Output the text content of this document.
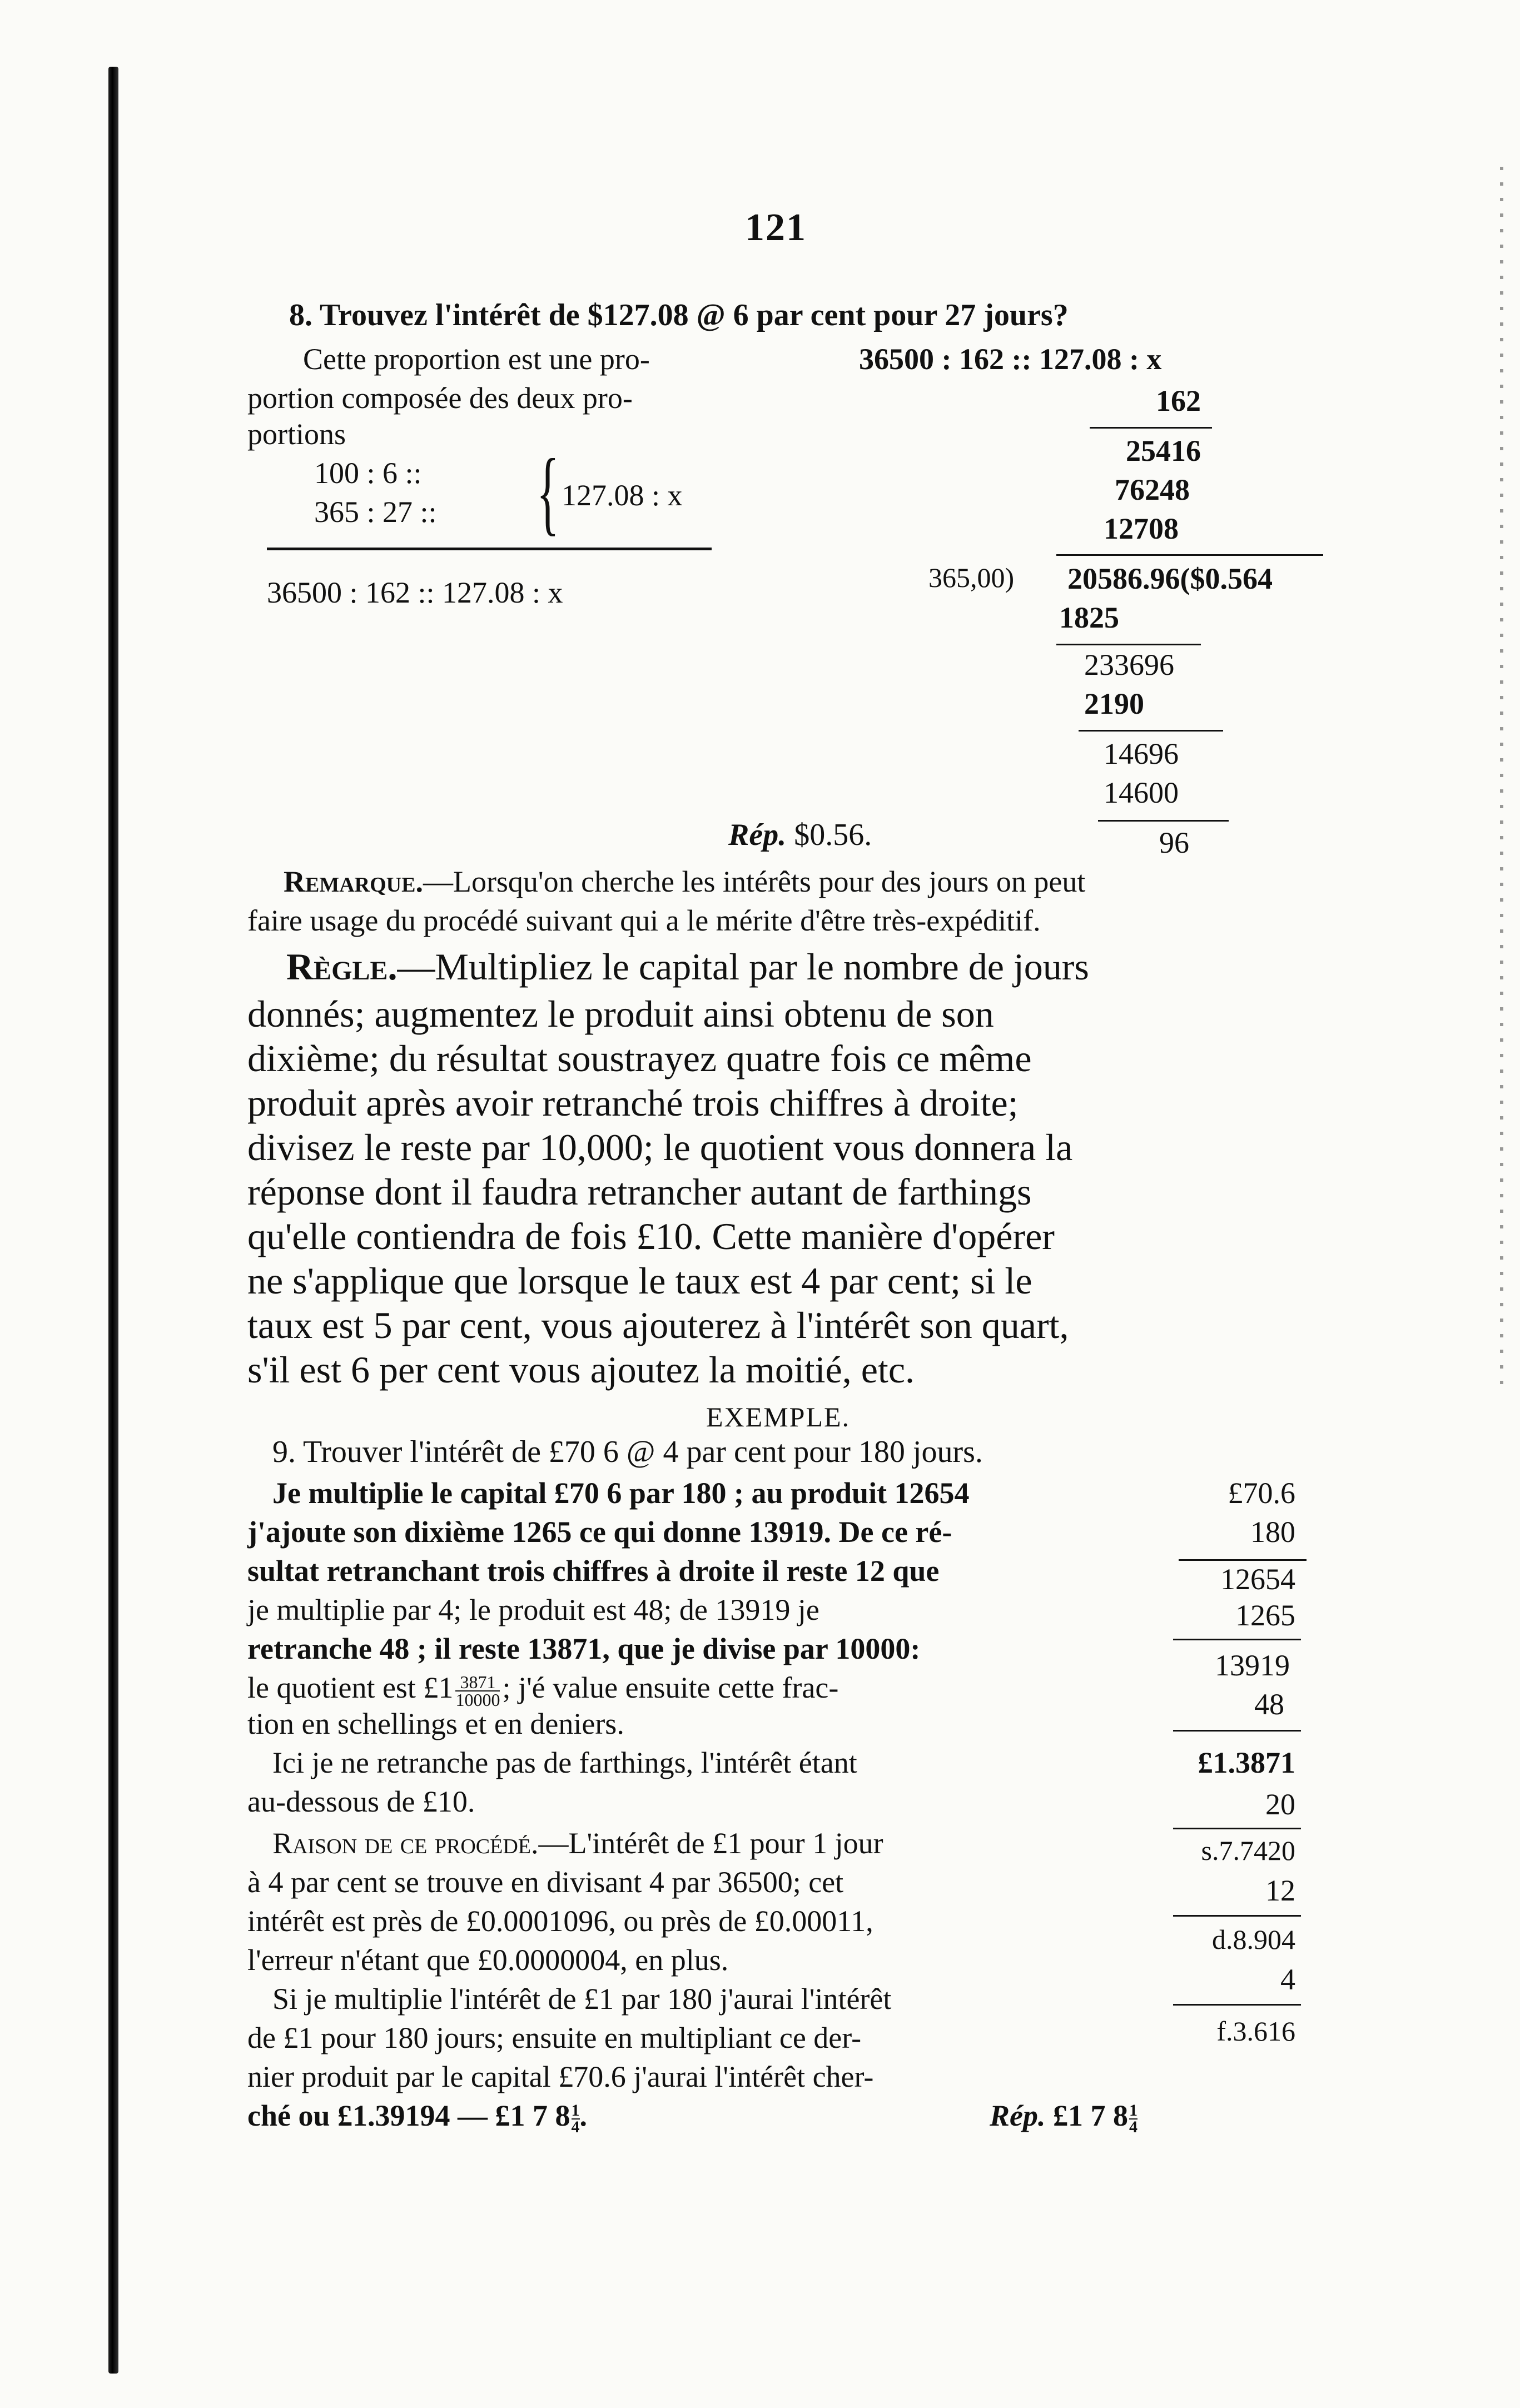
121
8. Trouvez l'intérêt de $127.08 @ 6 par cent pour 27 jours?
Cette proportion est une pro-
portion composée des deux pro-
portions
100 : 6 ::
365 : 27 :: { 127.08 : x
36500 : 162 :: 127.08 : x
36500 : 162 :: 127.08 : x
162
25416
76248
12708
365,00) 20586.96($0.564
1825
233696
2190
14696
14600
96
Rép. $0.56.
Remarque.—Lorsqu'on cherche les intérêts pour des jours on peut
faire usage du procédé suivant qui a le mérite d'être très-expéditif.
Règle.—Multipliez le capital par le nombre de jours
donnés; augmentez le produit ainsi obtenu de son
dixième; du résultat soustrayez quatre fois ce même
produit après avoir retranché trois chiffres à droite;
divisez le reste par 10,000; le quotient vous donnera la
réponse dont il faudra retrancher autant de farthings
qu'elle contiendra de fois £10. Cette manière d'opérer
ne s'applique que lorsque le taux est 4 par cent; si le
taux est 5 par cent, vous ajouterez à l'intérêt son quart,
s'il est 6 per cent vous ajoutez la moitié, etc.
EXEMPLE.
9. Trouver l'intérêt de £70 6 @ 4 par cent pour 180 jours.
Je multiplie le capital £70 6 par 180 ; au produit 12654
j'ajoute son dixième 1265 ce qui donne 13919. De ce ré-
sultat retranchant trois chiffres à droite il reste 12 que
je multiplie par 4; le produit est 48; de 13919 je
retranche 48 ; il reste 13871, que je divise par 10000:
le quotient est £1 $\frac{3871}{10000}$ ; j'é value ensuite cette frac-
tion en schellings et en deniers.
Ici je ne retranche pas de farthings, l'intérêt étant
au-dessous de £10.
Raison de ce procédé.—L'intérêt de £1 pour 1 jour
à 4 par cent se trouve en divisant 4 par 36500; cet
intérêt est près de £0.0001096, ou près de £0.00011,
l'erreur n'étant que £0.0000004, en plus.
Si je multiplie l'intérêt de £1 par 180 j'aurai l'intérêt
de £1 pour 180 jours; ensuite en multipliant ce der-
nier produit par le capital £70.6 j'aurai l'intérêt cher-
ché ou £1.39194 — £1 7 $8 \frac{1}{4}$ .	Rép. £1 7 $8 \frac{1}{4}$
£70.6
180
12654
1265
13919
48
£1.3871
20
s.7.7420
12
d.8.904
4
f.3.616
